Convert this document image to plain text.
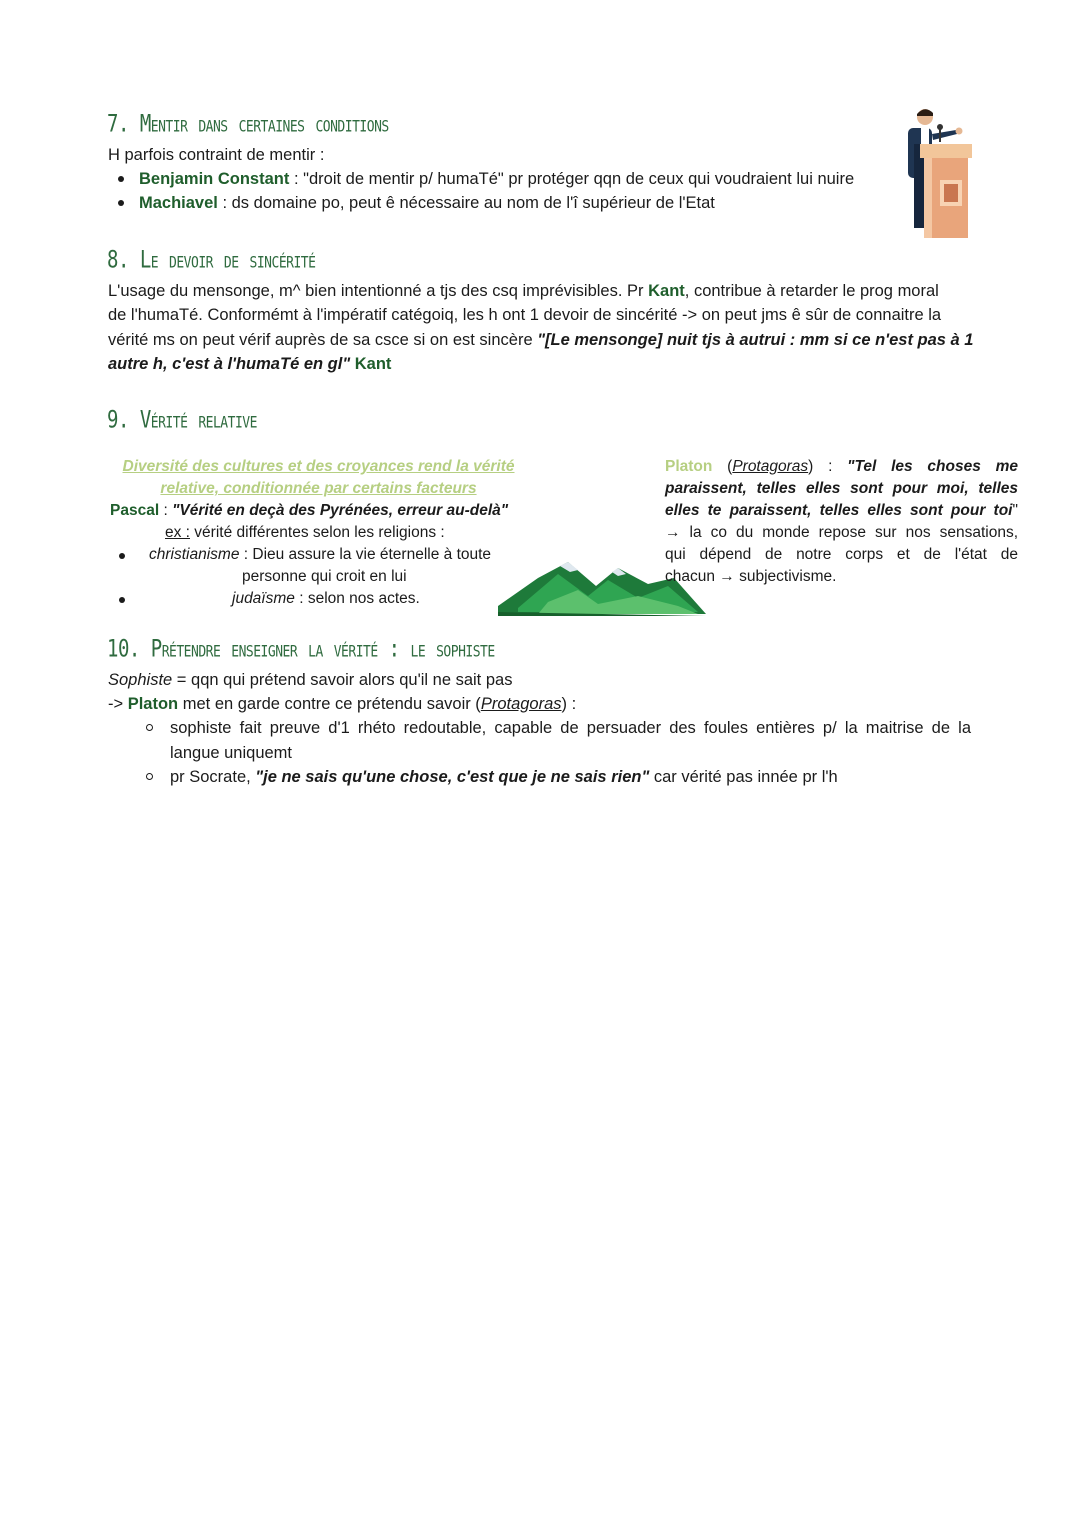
7. Mentir dans certaines conditions
H parfois contraint de mentir :
Benjamin Constant : "droit de mentir p/ humaTé" pr protéger qqn de ceux qui voudraient lui nuire
Machiavel : ds domaine po, peut ê nécessaire au nom de l'î supérieur de l'Etat
8. Le devoir de sincérité
L'usage du mensonge, m^ bien intentionné a tjs des csq imprévisibles. Pr Kant, contribue à retarder le prog moral
de l'humaTé. Conformémt à l'impératif catégoiq, les h ont 1 devoir de sincérité -> on peut jms ê sûr de connaitre la
vérité ms on peut vérif auprès de sa csce si on est sincère "[Le mensonge] nuit tjs à autrui : mm si ce n'est pas à 1
autre h, c'est à l'humaTé en gl" Kant
9. Vérité relative
Diversité des cultures et des croyances rend la vérité
relative, conditionnée par certains facteurs
Pascal : "Vérité en deçà des Pyrénées, erreur au-delà"
ex : vérité différentes selon les religions :
christianisme : Dieu assure la vie éternelle à toute
personne qui croit en lui
judaïsme : selon nos actes.
Platon (Protagoras) : "Tel les choses me
paraissent, telles elles sont pour moi, telles
elles te paraissent, telles elles sont pour toi"
→ la co du monde repose sur nos sensations,
qui dépend de notre corps et de l'état de
chacun → subjectivisme.
10. Prétendre enseigner la vérité : le sophiste
Sophiste = qqn qui prétend savoir alors qu'il ne sait pas
-> Platon met en garde contre ce prétendu savoir (Protagoras) :
sophiste fait preuve d'1 rhéto redoutable, capable de persuader des foules entières p/ la maitrise de la
langue uniquemt
pr Socrate, "je ne sais qu'une chose, c'est que je ne sais rien" car vérité pas innée pr l'h
